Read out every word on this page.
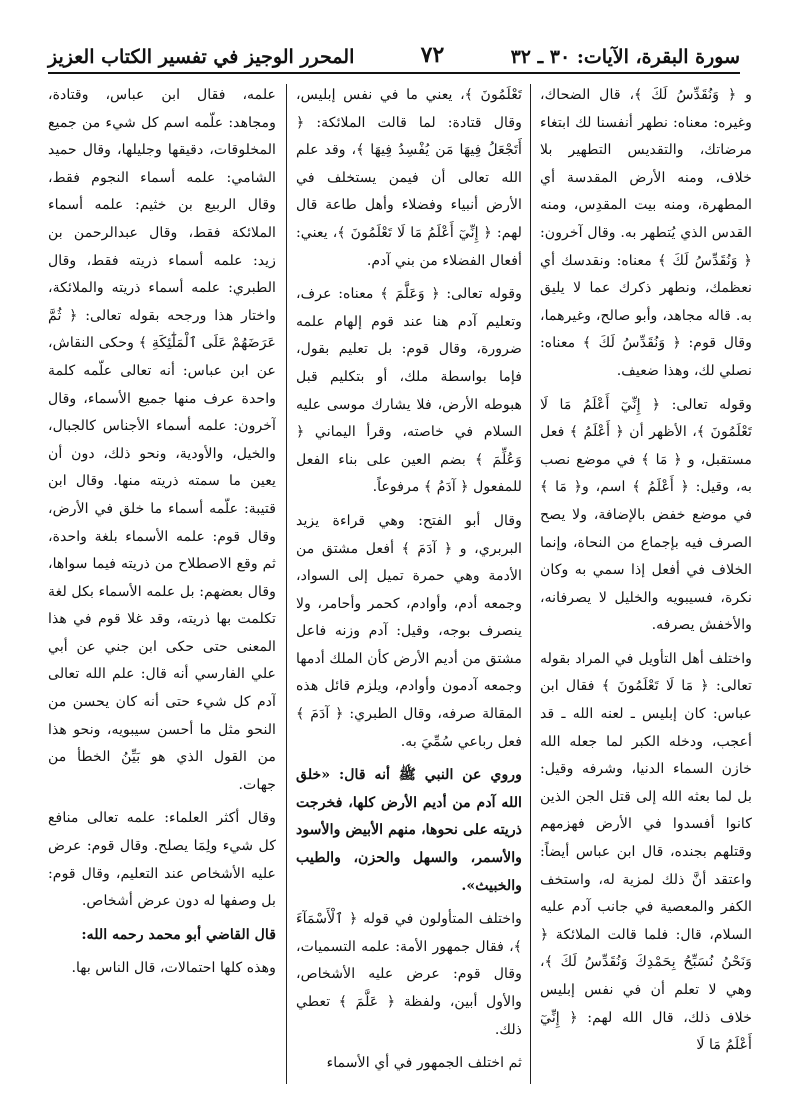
سورة البقرة، الآيات: ٣٠ ـ ٣٢
٧٢
المحرر الوجيز في تفسير الكتاب العزيز

و ﴿ وَنُقَدِّسُ لَكَ ﴾، قال الضحاك، وغيره: معناه: نطهر أنفسنا لك ابتغاء مرضاتك، والتقديس التطهير بلا خلاف، ومنه الأرض المقدسة أي المطهرة، ومنه بيت المقدِس، ومنه القدس الذي يُتطهر به. وقال آخرون: ﴿ وَنُقَدِّسُ لَكَ ﴾ معناه: ونقدسك أي نعظمك، ونطهر ذكرك عما لا يليق به. قاله مجاهد، وأبو صالح، وغيرهما، وقال قوم: ﴿ وَنُقَدِّسُ لَكَ ﴾ معناه: نصلي لك، وهذا ضعيف.

وقوله تعالى: ﴿ إِنِّيٓ أَعْلَمُ مَا لَا تَعْلَمُونَ ﴾، الأظهر أن ﴿ أَعْلَمُ ﴾ فعل مستقبل، و ﴿ مَا ﴾ في موضع نصب به، وقيل: ﴿ أَعْلَمُ ﴾ اسم، و﴿ مَا ﴾ في موضع خفض بالإضافة، ولا يصح الصرف فيه بإجماع من النحاة، وإنما الخلاف في أفعل إذا سمي به وكان نكرة، فسيبويه والخليل لا يصرفانه، والأخفش يصرفه.

واختلف أهل التأويل في المراد بقوله تعالى: ﴿ مَا لَا تَعْلَمُونَ ﴾ فقال ابن عباس: كان إبليس ـ لعنه الله ـ قد أعجب، ودخله الكبر لما جعله الله خازن السماء الدنيا، وشرفه وقيل: بل لما بعثه الله إلى قتل الجن الذين كانوا أفسدوا في الأرض فهزمهم وقتلهم بجنده، قال ابن عباس أيضاً: واعتقد أنَّ ذلك لمزية له، واستخف الكفر والمعصية في جانب آدم عليه السلام، قال: فلما قالت الملائكة ﴿ وَنَحْنُ نُسَبِّحُ بِحَمْدِكَ وَنُقَدِّسُ لَكَ ﴾، وهي لا تعلم أن في نفس إبليس خلاف ذلك، قال الله لهم: ﴿ إِنِّيٓ أَعْلَمُ مَا لَا

تَعْلَمُونَ ﴾، يعني ما في نفس إبليس، وقال قتادة: لما قالت الملائكة: ﴿ أَتَجْعَلُ فِيهَا مَن يُفْسِدُ فِيهَا ﴾، وقد علم الله تعالى أن فيمن يستخلف في الأرض أنبياء وفضلاء وأهل طاعة قال لهم: ﴿ إِنِّيٓ أَعْلَمُ مَا لَا تَعْلَمُونَ ﴾، يعني: أفعال الفضلاء من بني آدم.

وقوله تعالى: ﴿ وَعَلَّمَ ﴾ معناه: عرف، وتعليم آدم هنا عند قوم إلهام علمه ضرورة، وقال قوم: بل تعليم بقول، فإما بواسطة ملك، أو بتكليم قبل هبوطه الأرض، فلا يشارك موسى عليه السلام في خاصته، وقرأ اليماني ﴿ وَعُلِّمَ ﴾ بضم العين على بناء الفعل للمفعول ﴿ آدَمُ ﴾ مرفوعاً.

وقال أبو الفتح: وهي قراءة يزيد البربري، و ﴿ آدَمَ ﴾ أفعل مشتق من الأدمة وهي حمرة تميل إلى السواد، وجمعه أدم، وأوادم، كحمر وأحامر، ولا ينصرف بوجه، وقيل: آدم وزنه فاعل مشتق من أديم الأرض كأن الملك أدمها وجمعه آدمون وأوادم، ويلزم قائل هذه المقالة صرفه، وقال الطبري: ﴿ آدَمَ ﴾ فعل رباعي سُمِّيَ به.

وروي عن النبي ﷺ أنه قال: «خلق الله آدم من أديم الأرض كلها، فخرجت ذريته على نحوها، منهم الأبيض والأسود والأسمر، والسهل والحزن، والطيب والخبيث».

واختلف المتأولون في قوله ﴿ ٱلْأَسْمَآءَ ﴾، فقال جمهور الأمة: علمه التسميات، وقال قوم: عرض عليه الأشخاص، والأول أبين، ولفظة ﴿ عَلَّمَ ﴾ تعطي ذلك.

ثم اختلف الجمهور في أي الأسماء

علمه، فقال ابن عباس، وقتادة، ومجاهد: علّمه اسم كل شيء من جميع المخلوقات، دقيقها وجليلها، وقال حميد الشامي: علمه أسماء النجوم فقط، وقال الربيع بن خثيم: علمه أسماء الملائكة فقط، وقال عبدالرحمن بن زيد: علمه أسماء ذريته فقط، وقال الطبري: علمه أسماء ذريته والملائكة، واختار هذا ورجحه بقوله تعالى: ﴿ ثُمَّ عَرَضَهُمْ عَلَى ٱلْمَلَٰٓئِكَةِ ﴾ وحكى النقاش، عن ابن عباس: أنه تعالى علّمه كلمة واحدة عرف منها جميع الأسماء، وقال آخرون: علمه أسماء الأجناس كالجبال، والخيل، والأودية، ونحو ذلك، دون أن يعين ما سمته ذريته منها. وقال ابن قتيبة: علّمه أسماء ما خلق في الأرض، وقال قوم: علمه الأسماء بلغة واحدة، ثم وقع الاصطلاح من ذريته فيما سواها، وقال بعضهم: بل علمه الأسماء بكل لغة تكلمت بها ذريته، وقد غلا قوم في هذا المعنى حتى حكى ابن جني عن أبي علي الفارسي أنه قال: علم الله تعالى آدم كل شيء حتى أنه كان يحسن من النحو مثل ما أحسن سيبويه، ونحو هذا من القول الذي هو بَيِّنُ الخطأ من جهات.

وقال أكثر العلماء: علمه تعالى منافع كل شيء ولِمَا يصلح. وقال قوم: عرض عليه الأشخاص عند التعليم، وقال قوم: بل وصفها له دون عرض أشخاص.

قال القاضي أبو محمد رحمه الله:

وهذه كلها احتمالات، قال الناس بها.
